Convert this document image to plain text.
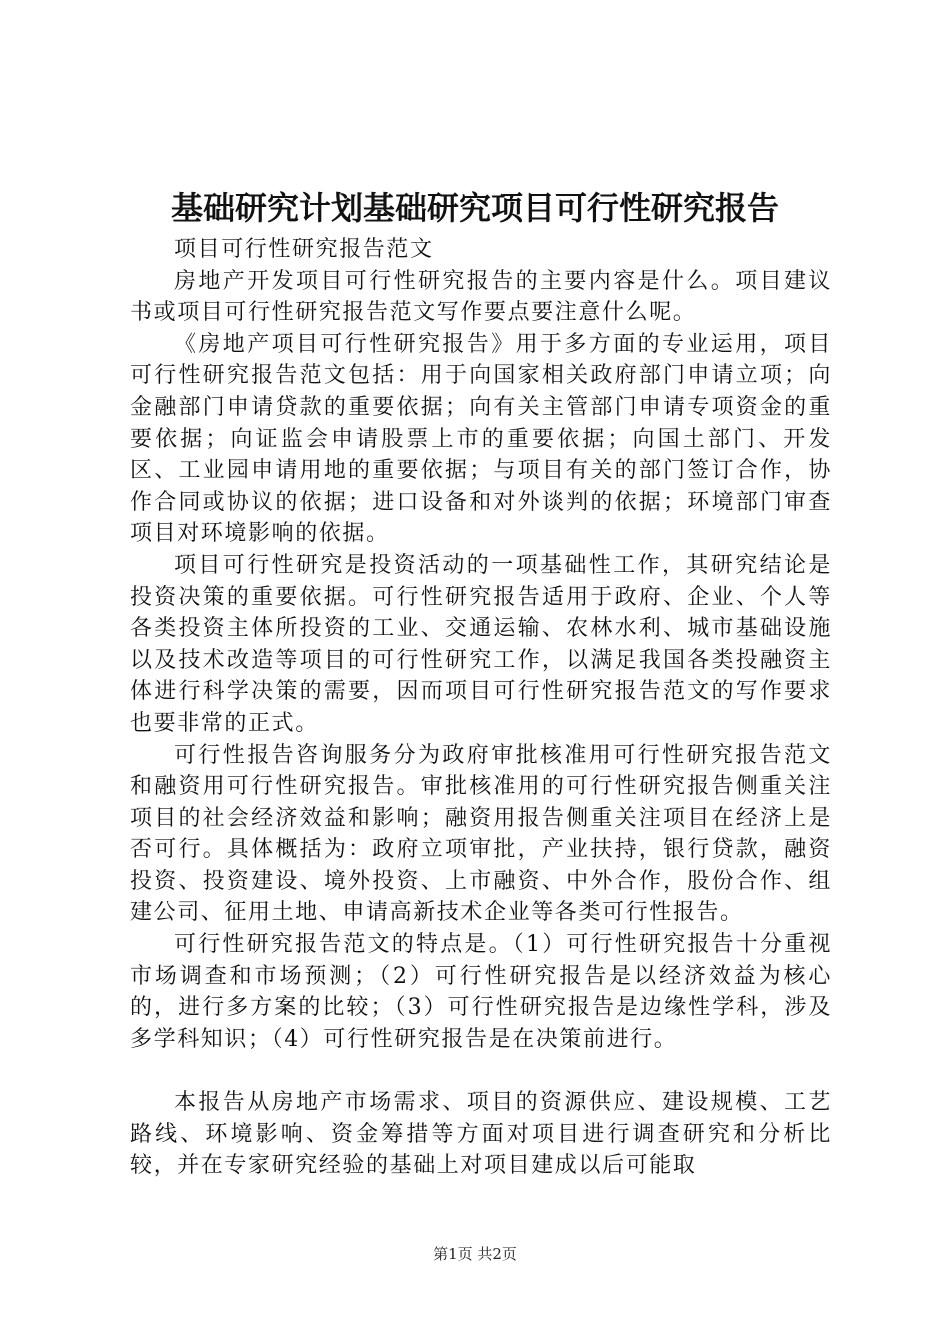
基础研究计划基础研究项目可行性研究报告

项目可行性研究报告范文

房地产开发项目可行性研究报告的主要内容是什么。项目建议书或项目可行性研究报告范文写作要点要注意什么呢。

《房地产项目可行性研究报告》用于多方面的专业运用，项目可行性研究报告范文包括：用于向国家相关政府部门申请立项；向金融部门申请贷款的重要依据；向有关主管部门申请专项资金的重要依据；向证监会申请股票上市的重要依据；向国土部门、开发区、工业园申请用地的重要依据；与项目有关的部门签订合作，协作合同或协议的依据；进口设备和对外谈判的依据；环境部门审查项目对环境影响的依据。

项目可行性研究是投资活动的一项基础性工作，其研究结论是投资决策的重要依据。可行性研究报告适用于政府、企业、个人等各类投资主体所投资的工业、交通运输、农林水利、城市基础设施以及技术改造等项目的可行性研究工作，以满足我国各类投融资主体进行科学决策的需要，因而项目可行性研究报告范文的写作要求也要非常的正式。

可行性报告咨询服务分为政府审批核准用可行性研究报告范文和融资用可行性研究报告。审批核准用的可行性研究报告侧重关注项目的社会经济效益和影响；融资用报告侧重关注项目在经济上是否可行。具体概括为：政府立项审批，产业扶持，银行贷款，融资投资、投资建设、境外投资、上市融资、中外合作，股份合作、组建公司、征用土地、申请高新技术企业等各类可行性报告。

可行性研究报告范文的特点是。（1）可行性研究报告十分重视市场调查和市场预测；（2）可行性研究报告是以经济效益为核心的，进行多方案的比较；（3）可行性研究报告是边缘性学科，涉及多学科知识；（4）可行性研究报告是在决策前进行。

本报告从房地产市场需求、项目的资源供应、建设规模、工艺路线、环境影响、资金筹措等方面对项目进行调查研究和分析比较，并在专家研究经验的基础上对项目建成以后可能取

第1页 共2页
